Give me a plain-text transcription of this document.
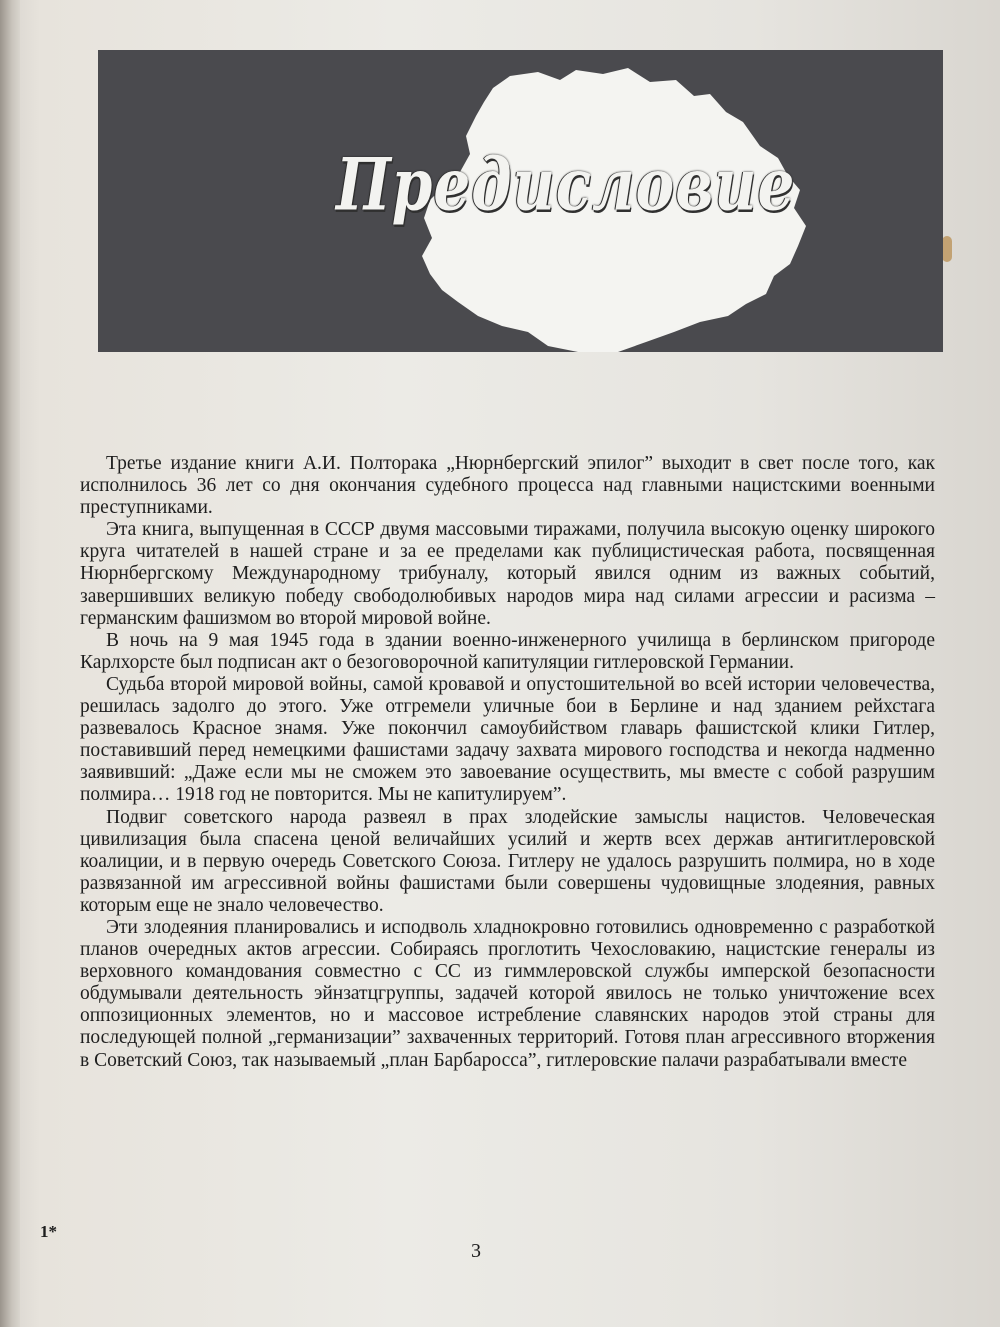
Предисловие

Третье издание книги А.И. Полторака „Нюрнбергский эпилог” выходит в свет после того, как исполнилось 36 лет со дня окончания судебного процесса над главными нацистскими военными преступниками.

Эта книга, выпущенная в СССР двумя массовыми тиражами, получила высокую оценку широкого круга читателей в нашей стране и за ее пределами как публицистическая работа, посвященная Нюрнбергскому Международному трибуналу, который явился одним из важных событий, завершивших великую победу свободолюбивых народов мира над силами агрессии и расизма – германским фашизмом во второй мировой войне.

В ночь на 9 мая 1945 года в здании военно-инженерного училища в берлинском пригороде Карлхорсте был подписан акт о безоговорочной капитуляции гитлеровской Германии.

Судьба второй мировой войны, самой кровавой и опустошительной во всей истории человечества, решилась задолго до этого. Уже отгремели уличные бои в Берлине и над зданием рейхстага развевалось Красное знамя. Уже покончил самоубийством главарь фашистской клики Гитлер, поставивший перед немецкими фашистами задачу захвата мирового господства и некогда надменно заявивший: „Даже если мы не сможем это завоевание осуществить, мы вместе с собой разрушим полмира… 1918 год не повторится. Мы не капитулируем”.

Подвиг советского народа развеял в прах злодейские замыслы нацистов. Человеческая цивилизация была спасена ценой величайших усилий и жертв всех держав антигитлеровской коалиции, и в первую очередь Советского Союза. Гитлеру не удалось разрушить полмира, но в ходе развязанной им агрессивной войны фашистами были совершены чудовищные злодеяния, равных которым еще не знало человечество.

Эти злодеяния планировались и исподволь хладнокровно готовились одновременно с разработкой планов очередных актов агрессии. Собираясь проглотить Чехословакию, нацистские генералы из верховного командования совместно с СС из гиммлеровской службы имперской безопасности обдумывали деятельность эйнзатцгруппы, задачей которой явилось не только уничтожение всех оппозиционных элементов, но и массовое истребление славянских народов этой страны для последующей полной „германизации” захваченных территорий. Готовя план агрессивного вторжения в Советский Союз, так называемый „план Барбаросса”, гитлеровские палачи разрабатывали вместе

1*
3
